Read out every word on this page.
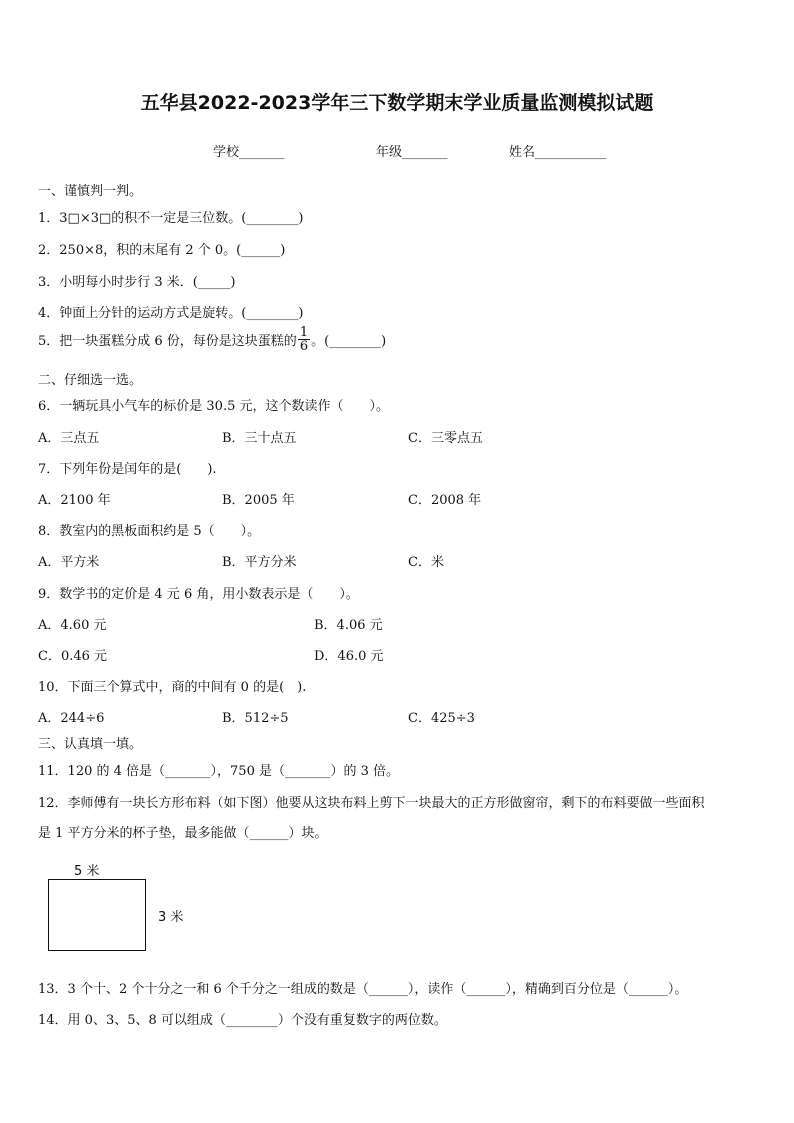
五华县2022-2023学年三下数学期末学业质量监测模拟试题
学校_______	年级_______	姓名___________
一、谨慎判一判。
1．3□×3□的积不一定是三位数。(________)
2．250×8，积的末尾有 2 个 0。(______)
3．小明每小时步行 3 米．(_____)
4．钟面上分针的运动方式是旋转。(________)
5．把一块蛋糕分成 6 份，每份是这块蛋糕的 $\frac{1}{6}$ 。(________)
二、仔细选一选。
6．一辆玩具小气车的标价是 30.5 元，这个数读作（　　）。
A．三点五	B．三十点五	C．三零点五
7．下列年份是闰年的是(　　).
A．2100 年	B．2005 年	C．2008 年
8．教室内的黑板面积约是 5（　　）。
A．平方米	B．平方分米	C．米
9．数学书的定价是 4 元 6 角，用小数表示是（　　）。
A．4.60 元	B．4.06 元
C．0.46 元	D．46.0 元
10．下面三个算式中，商的中间有 0 的是(　).
A．244÷6	B．512÷5	C．425÷3
三、认真填一填。
11．120 的 4 倍是（_______），750 是（_______）的 3 倍。
12．李师傅有一块长方形布料（如下图）他要从这块布料上剪下一块最大的正方形做窗帘，剩下的布料要做一些面积
是 1 平方分米的杯子垫，最多能做（______）块。
5 米
3 米
13．3 个十、2 个十分之一和 6 个千分之一组成的数是（______），读作（______），精确到百分位是（______）。
14．用 0、3、5、8 可以组成（________）个没有重复数字的两位数。
